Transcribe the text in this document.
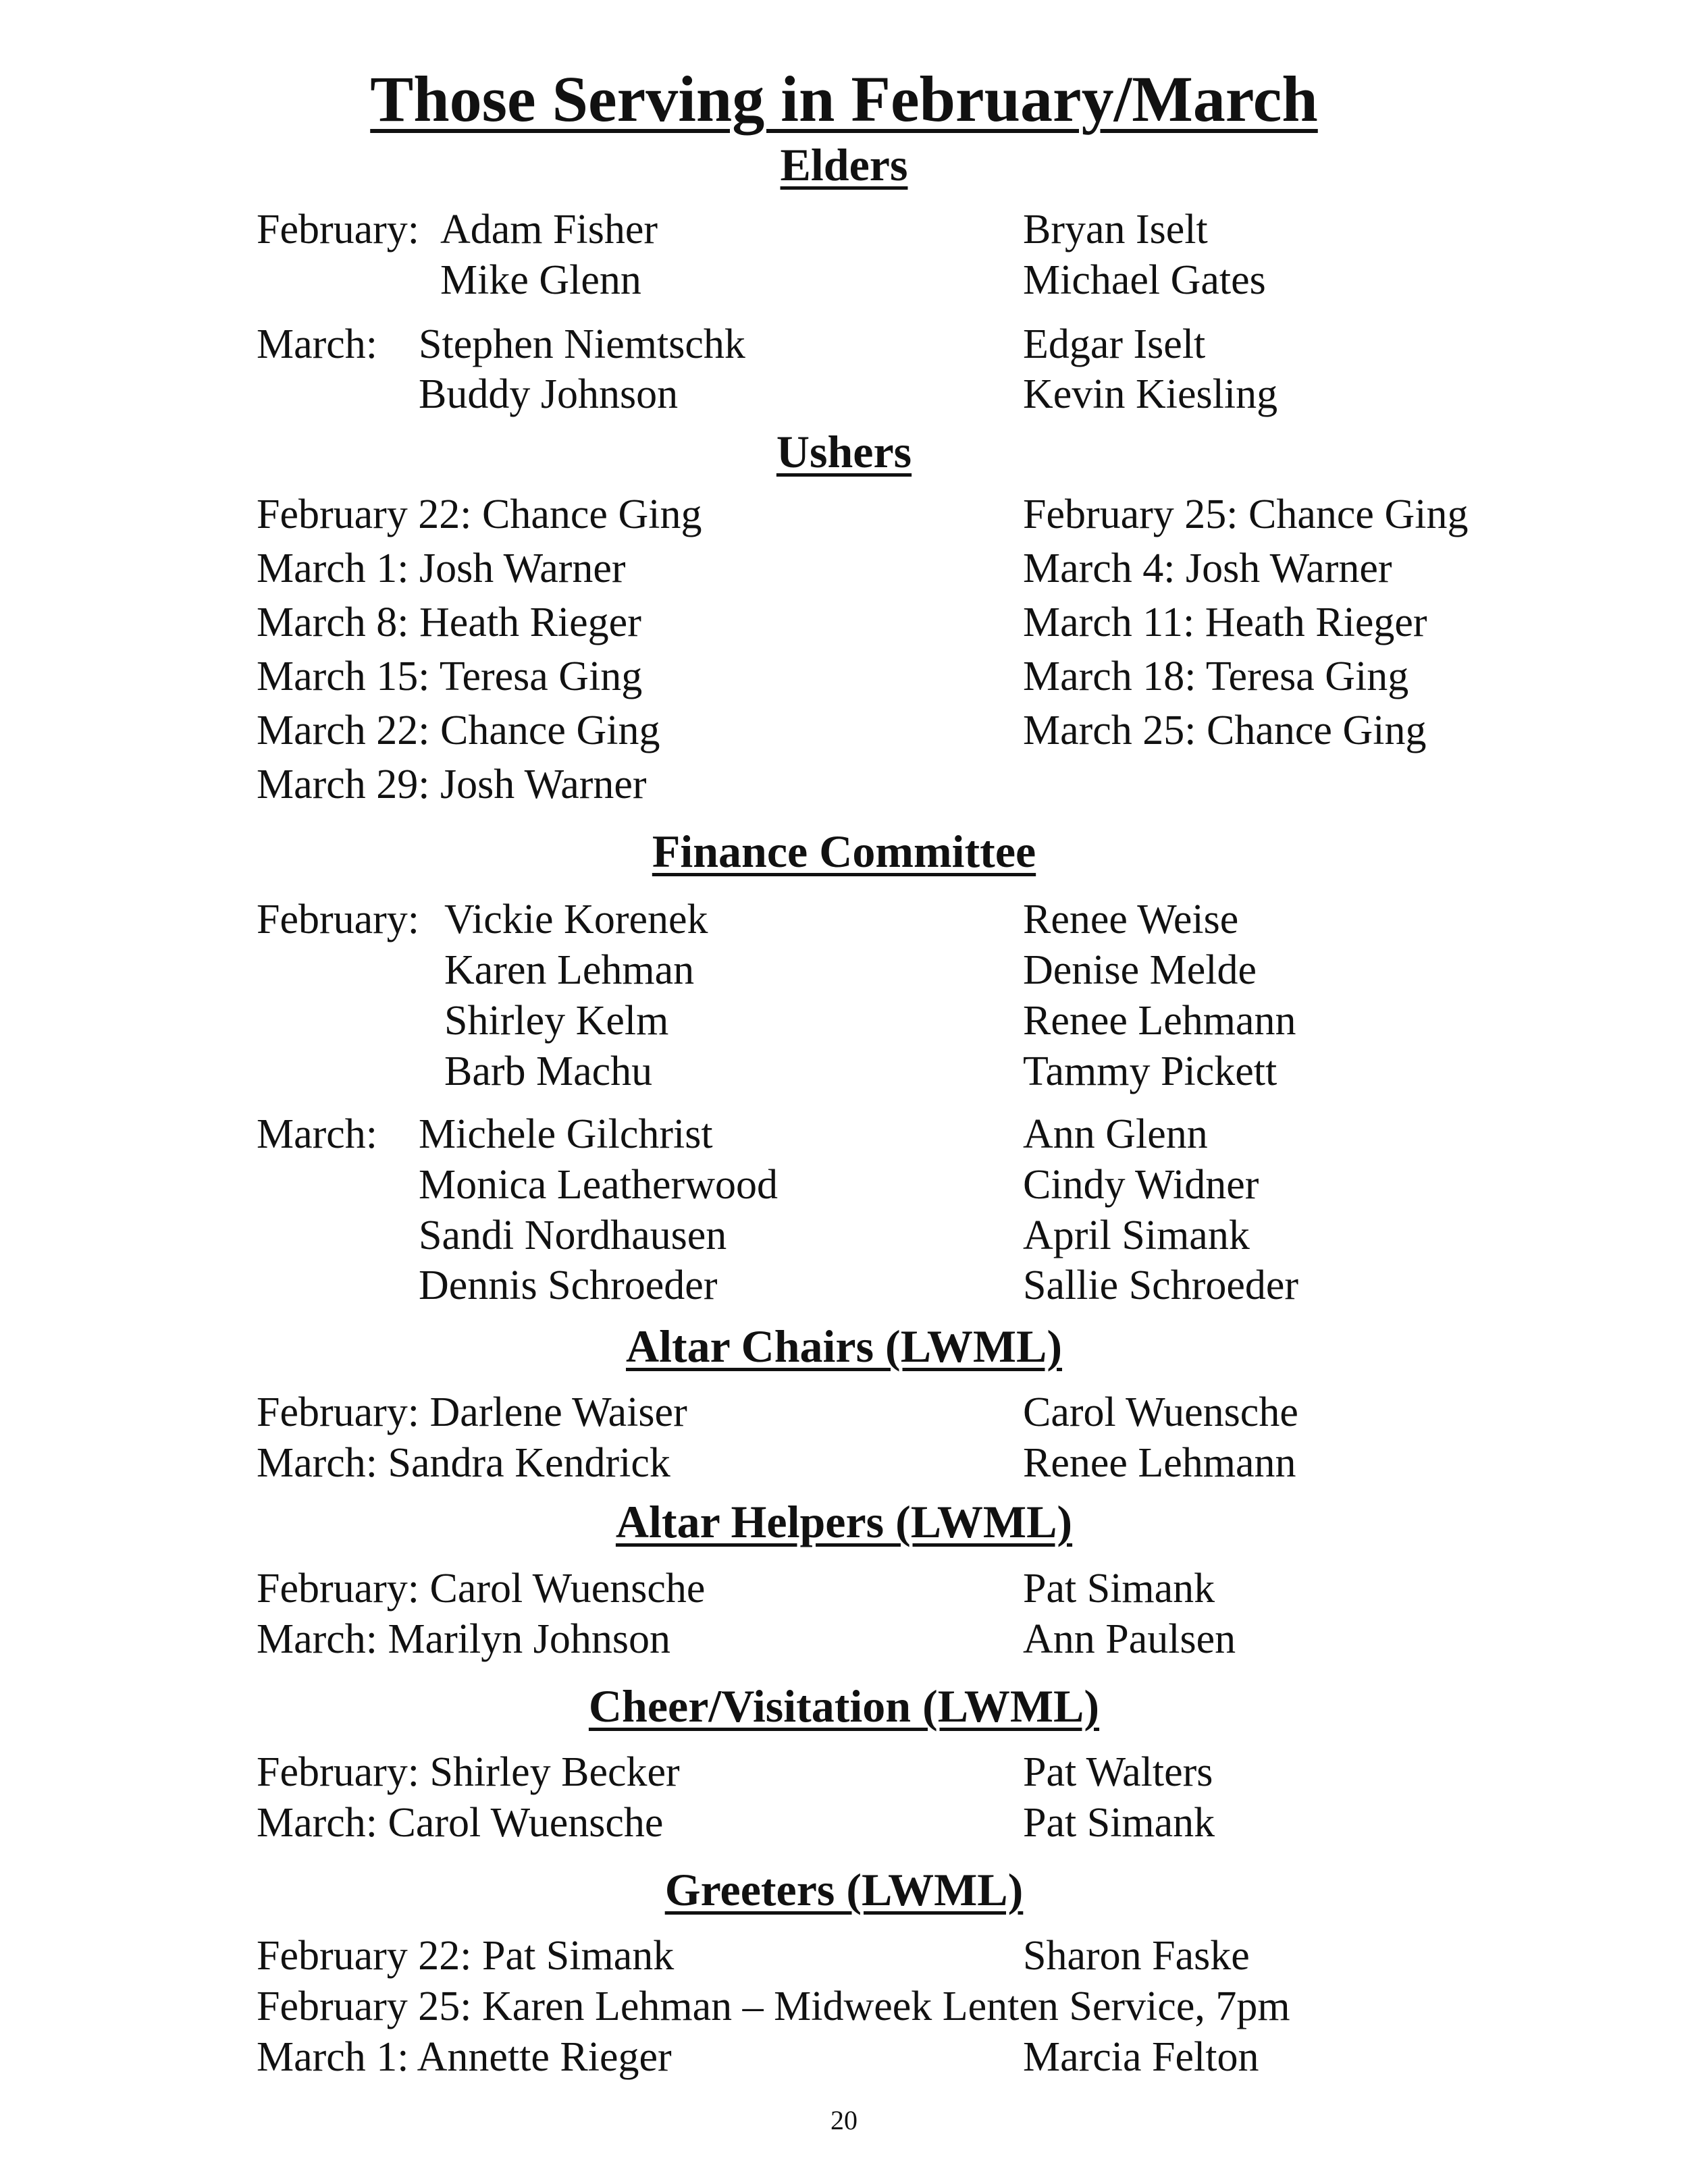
Those Serving in February/March
Elders

February: Adam Fisher

Mike Glenn

Bryan Iselt

Michael Gates

March: Stephen Niemtschk

Buddy Johnson

Edgar Iselt

Kevin Kiesling

Ushers

February 22: Chance Ging

March 1: Josh Warner

March 8: Heath Rieger

March 15: Teresa Ging

March 22: Chance Ging

March 29: Josh Warner

February 25: Chance Ging

March 4: Josh Warner

March 11: Heath Rieger

March 18: Teresa Ging

March 25: Chance Ging

Finance Committee

February: Vickie Korenek

Karen Lehman

Shirley Kelm

Barb Machu

Renee Weise

Denise Melde

Renee Lehmann

Tammy Pickett

March: Michele Gilchrist

Monica Leatherwood

Sandi Nordhausen

Dennis Schroeder

Ann Glenn

Cindy Widner

April Simank

Sallie Schroeder

Altar Chairs (LWML)

February: Darlene Waiser

March: Sandra Kendrick

Carol Wuensche

Renee Lehmann

Altar Helpers (LWML)

February: Carol Wuensche

March: Marilyn Johnson

Pat Simank

Ann Paulsen

Cheer/Visitation (LWML)

February: Shirley Becker

March: Carol Wuensche

Pat Walters

Pat Simank

Greeters (LWML)

February 22: Pat Simank

February 25: Karen Lehman – Midweek Lenten Service, 7pm

March 1: Annette Rieger

Sharon Faske

Marcia Felton

20
